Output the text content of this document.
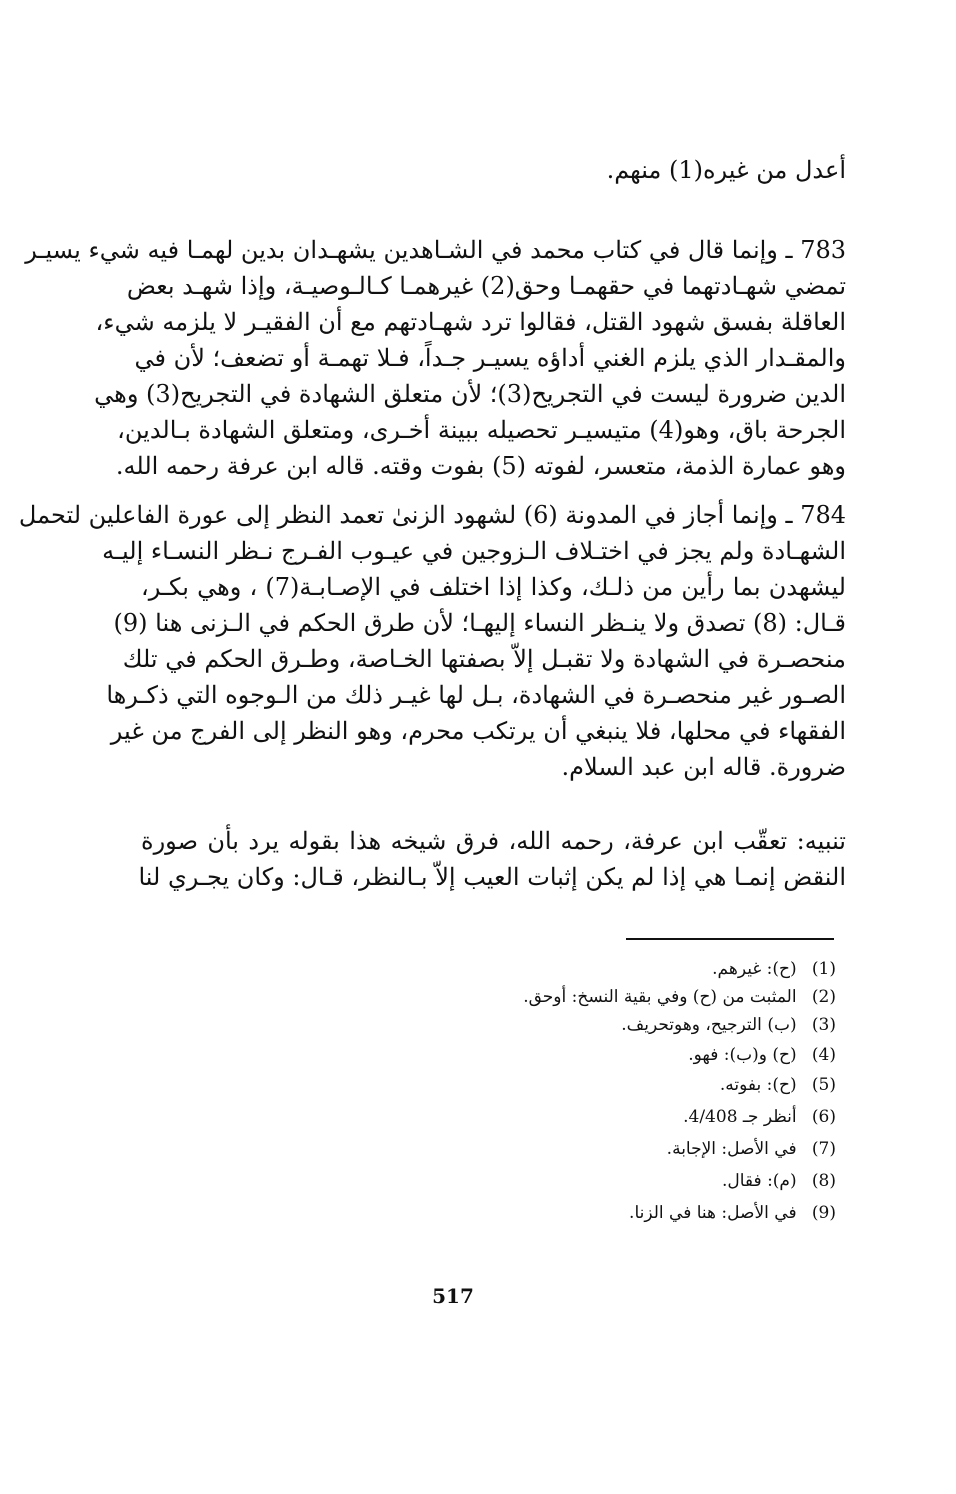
أعدل من غيره(1) منهم.
783 ـ وإنما قال في كتاب محمد في الشـاهدين يشهـدان بدين لهمـا فيه شيء يسيـر
تمضي شهـادتهما في حقهمـا وحق(2) غيرهمـا كـالـوصيـة، وإذا شهـد بعض
العاقلة بفسق شهود القتل، فقالوا ترد شهـادتهم مع أن الفقيـر لا يلزمه شيء،
والمقـدار الذي يلزم الغني أداؤه يسيـر جـداً، فـلا تهمـة أو تضعف؛ لأن في
الدين ضرورة ليست في التجريح(3)؛ لأن متعلق الشهادة في التجريح(3) وهي
الجرحة باق، وهو(4) متيسيـر تحصيله ببينة أخـرى، ومتعلق الشهادة بـالدين،
وهو عمارة الذمة، متعسر، لفوته (5) بفوت وقته. قاله ابن عرفة رحمه الله.
784 ـ وإنما أجاز في المدونة (6) لشهود الزنىٰ تعمد النظر إلى عورة الفاعلين لتحمل
الشهـادة ولم يجز في اختـلاف الـزوجين في عيـوب الفـرج نـظر النسـاء إليـه
ليشهدن بما رأين من ذلـك، وكذا إذا اختلف في الإصـابـة(7) ، وهي بكـر،
قـال: (8) تصدق ولا ينـظر النساء إليهـا؛ لأن طرق الحكم في الـزنى هنا (9)
منحصـرة في الشهادة ولا تقبـل إلاّ بصفتها الخـاصة، وطـرق الحكم في تلك
الصـور غير منحصـرة في الشهادة، بـل لها غيـر ذلك من الـوجوه التي ذكـرها
الفقهاء في محلها، فلا ينبغي أن يرتكب محرم، وهو النظر إلى الفرج من غير
ضرورة. قاله ابن عبد السلام.
تنبيه: تعقّب ابن عرفة، رحمه الله، فرق شيخه هذا بقوله يرد بأن صورة
النقض إنمـا هي إذا لم يكن إثبات العيب إلاّ بـالنظر، قـال: وكان يجـري لنا
(1) (ح): غيرهم.
(2) المثبت من (ح) وفي بقية النسخ: أوحق.
(3) (ب) الترجيح، وهوتحريف.
(4) (ح) و(ب): فهو.
(5) (ح): بفوته.
(6) أنظر جـ 4/408.
(7) في الأصل: الإجابة.
(8) (م): فقال.
(9) في الأصل: هنا في الزنا.
517
